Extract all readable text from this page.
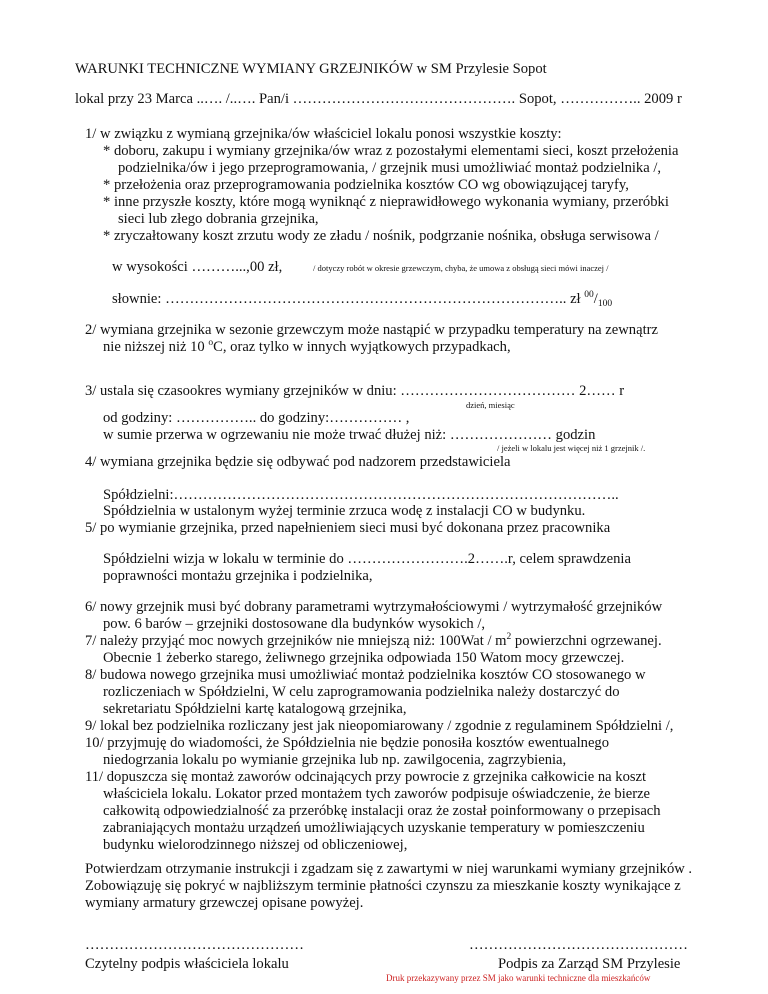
WARUNKI TECHNICZNE WYMIANY GRZEJNIKÓW w SM Przylesie Sopot
lokal przy 23 Marca ..…. /..…. Pan/i ………………………………………. Sopot, …………….. 2009 r
1/ w związku z wymianą grzejnika/ów właściciel lokalu ponosi wszystkie koszty:
* doboru, zakupu i wymiany grzejnika/ów wraz z pozostałymi elementami sieci, koszt przełożenia
podzielnika/ów i jego przeprogramowania, / grzejnik musi umożliwiać montaż podzielnika /,
* przełożenia oraz przeprogramowania podzielnika kosztów CO wg obowiązującej taryfy,
* inne przyszłe koszty, które mogą wyniknąć z nieprawidłowego wykonania wymiany, przeróbki
sieci lub złego dobrania grzejnika,
* zryczałtowany koszt zrzutu wody ze zładu / nośnik, podgrzanie nośnika, obsługa serwisowa /
w wysokości ………...,00 zł,	/ dotyczy robót w okresie grzewczym, chyba, że umowa z obsługą sieci mówi inaczej /
słownie: ……………………………………………………………………….. zł $^{00}/_{100}$
2/ wymiana grzejnika w sezonie grzewczym może nastąpić w przypadku temperatury na zewnątrz
nie niższej niż 10 $^o$C, oraz tylko w innych wyjątkowych przypadkach,
3/ ustala się czasookres wymiany grzejników w dniu: ……………………………… 2…… r
dzień, miesiąc
od godziny: …………….. do godziny:…………… ,
w sumie przerwa w ogrzewaniu nie może trwać dłużej niż: ………………… godzin
/ jeżeli w lokalu jest więcej niż 1 grzejnik /.
4/ wymiana grzejnika będzie się odbywać pod nadzorem przedstawiciela
Spółdzielni:………………………………………………………………………………..
Spółdzielnia w ustalonym wyżej terminie zrzuca wodę z instalacji CO w budynku.
5/ po wymianie grzejnika, przed napełnieniem sieci musi być dokonana przez pracownika
Spółdzielni wizja w lokalu w terminie do …………………….2…….r, celem sprawdzenia
poprawności montażu grzejnika i podzielnika,
6/ nowy grzejnik musi być dobrany parametrami wytrzymałościowymi / wytrzymałość grzejników
pow. 6 barów – grzejniki dostosowane dla budynków wysokich /,
7/ należy przyjąć moc nowych grzejników nie mniejszą niż: $100Wat / m^2$ powierzchni ogrzewanej.
Obecnie 1 żeberko starego, żeliwnego grzejnika odpowiada 150 Watom mocy grzewczej.
8/ budowa nowego grzejnika musi umożliwiać montaż podzielnika kosztów CO stosowanego w
rozliczeniach w Spółdzielni, W celu zaprogramowania podzielnika należy dostarczyć do
sekretariatu Spółdzielni kartę katalogową grzejnika,
9/ lokal bez podzielnika rozliczany jest jak nieopomiarowany / zgodnie z regulaminem Spółdzielni /,
10/ przyjmuję do wiadomości, że Spółdzielnia nie będzie ponosiła kosztów ewentualnego
niedogrzania lokalu po wymianie grzejnika lub np. zawilgocenia, zagrzybienia,
11/ dopuszcza się montaż zaworów odcinających przy powrocie z grzejnika całkowicie na koszt
właściciela lokalu. Lokator przed montażem tych zaworów podpisuje oświadczenie, że bierze
całkowitą odpowiedzialność za przeróbkę instalacji oraz że został poinformowany o przepisach
zabraniających montażu urządzeń umożliwiających uzyskanie temperatury w pomieszczeniu
budynku wielorodzinnego niższej od obliczeniowej,
Potwierdzam otrzymanie instrukcji i zgadzam się z zawartymi w niej warunkami wymiany grzejników .
Zobowiązuję się pokryć w najbliższym terminie płatności czynszu za mieszkanie koszty wynikające z
wymiany armatury grzewczej opisane powyżej.
………………………………………
Czytelny podpis właściciela lokalu
………………………………………
Podpis za Zarząd SM Przylesie
Druk przekazywany przez SM jako warunki techniczne dla mieszkańców
